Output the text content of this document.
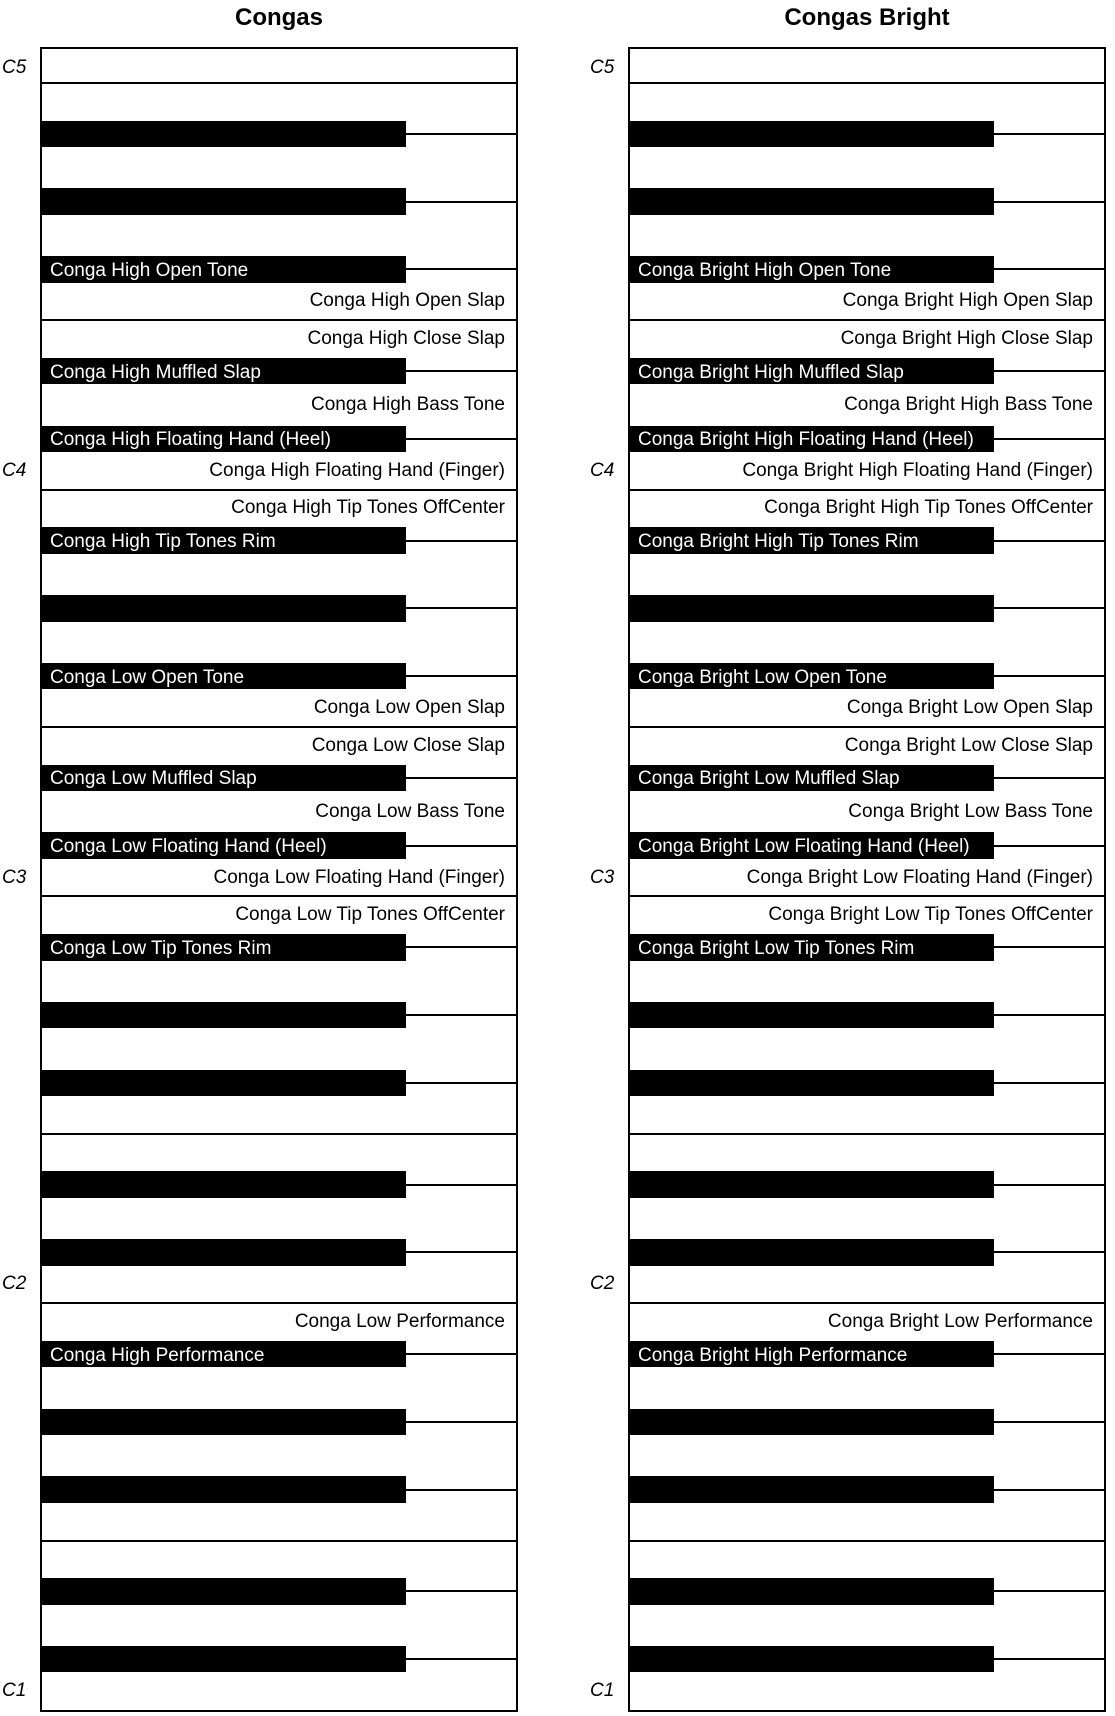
Congas
Conga High Performance
Conga Low Tip Tones Rim
Conga Low Floating Hand (Heel)
Conga Low Muffled Slap
Conga Low Open Tone
Conga High Tip Tones Rim
Conga High Floating Hand (Heel)
Conga High Muffled Slap
Conga High Open Tone
Conga Low Performance
Conga Low Tip Tones OffCenter
Conga Low Floating Hand (Finger)
Conga Low Bass Tone
Conga Low Close Slap
Conga Low Open Slap
Conga High Tip Tones OffCenter
Conga High Floating Hand (Finger)
Conga High Bass Tone
Conga High Close Slap
Conga High Open Slap
C5
C4
C3
C2
C1
Congas Bright
Conga Bright High Performance
Conga Bright Low Tip Tones Rim
Conga Bright Low Floating Hand (Heel)
Conga Bright Low Muffled Slap
Conga Bright Low Open Tone
Conga Bright High Tip Tones Rim
Conga Bright High Floating Hand (Heel)
Conga Bright High Muffled Slap
Conga Bright High Open Tone
Conga Bright Low Performance
Conga Bright Low Tip Tones OffCenter
Conga Bright Low Floating Hand (Finger)
Conga Bright Low Bass Tone
Conga Bright Low Close Slap
Conga Bright Low Open Slap
Conga Bright High Tip Tones OffCenter
Conga Bright High Floating Hand (Finger)
Conga Bright High Bass Tone
Conga Bright High Close Slap
Conga Bright High Open Slap
C5
C4
C3
C2
C1
